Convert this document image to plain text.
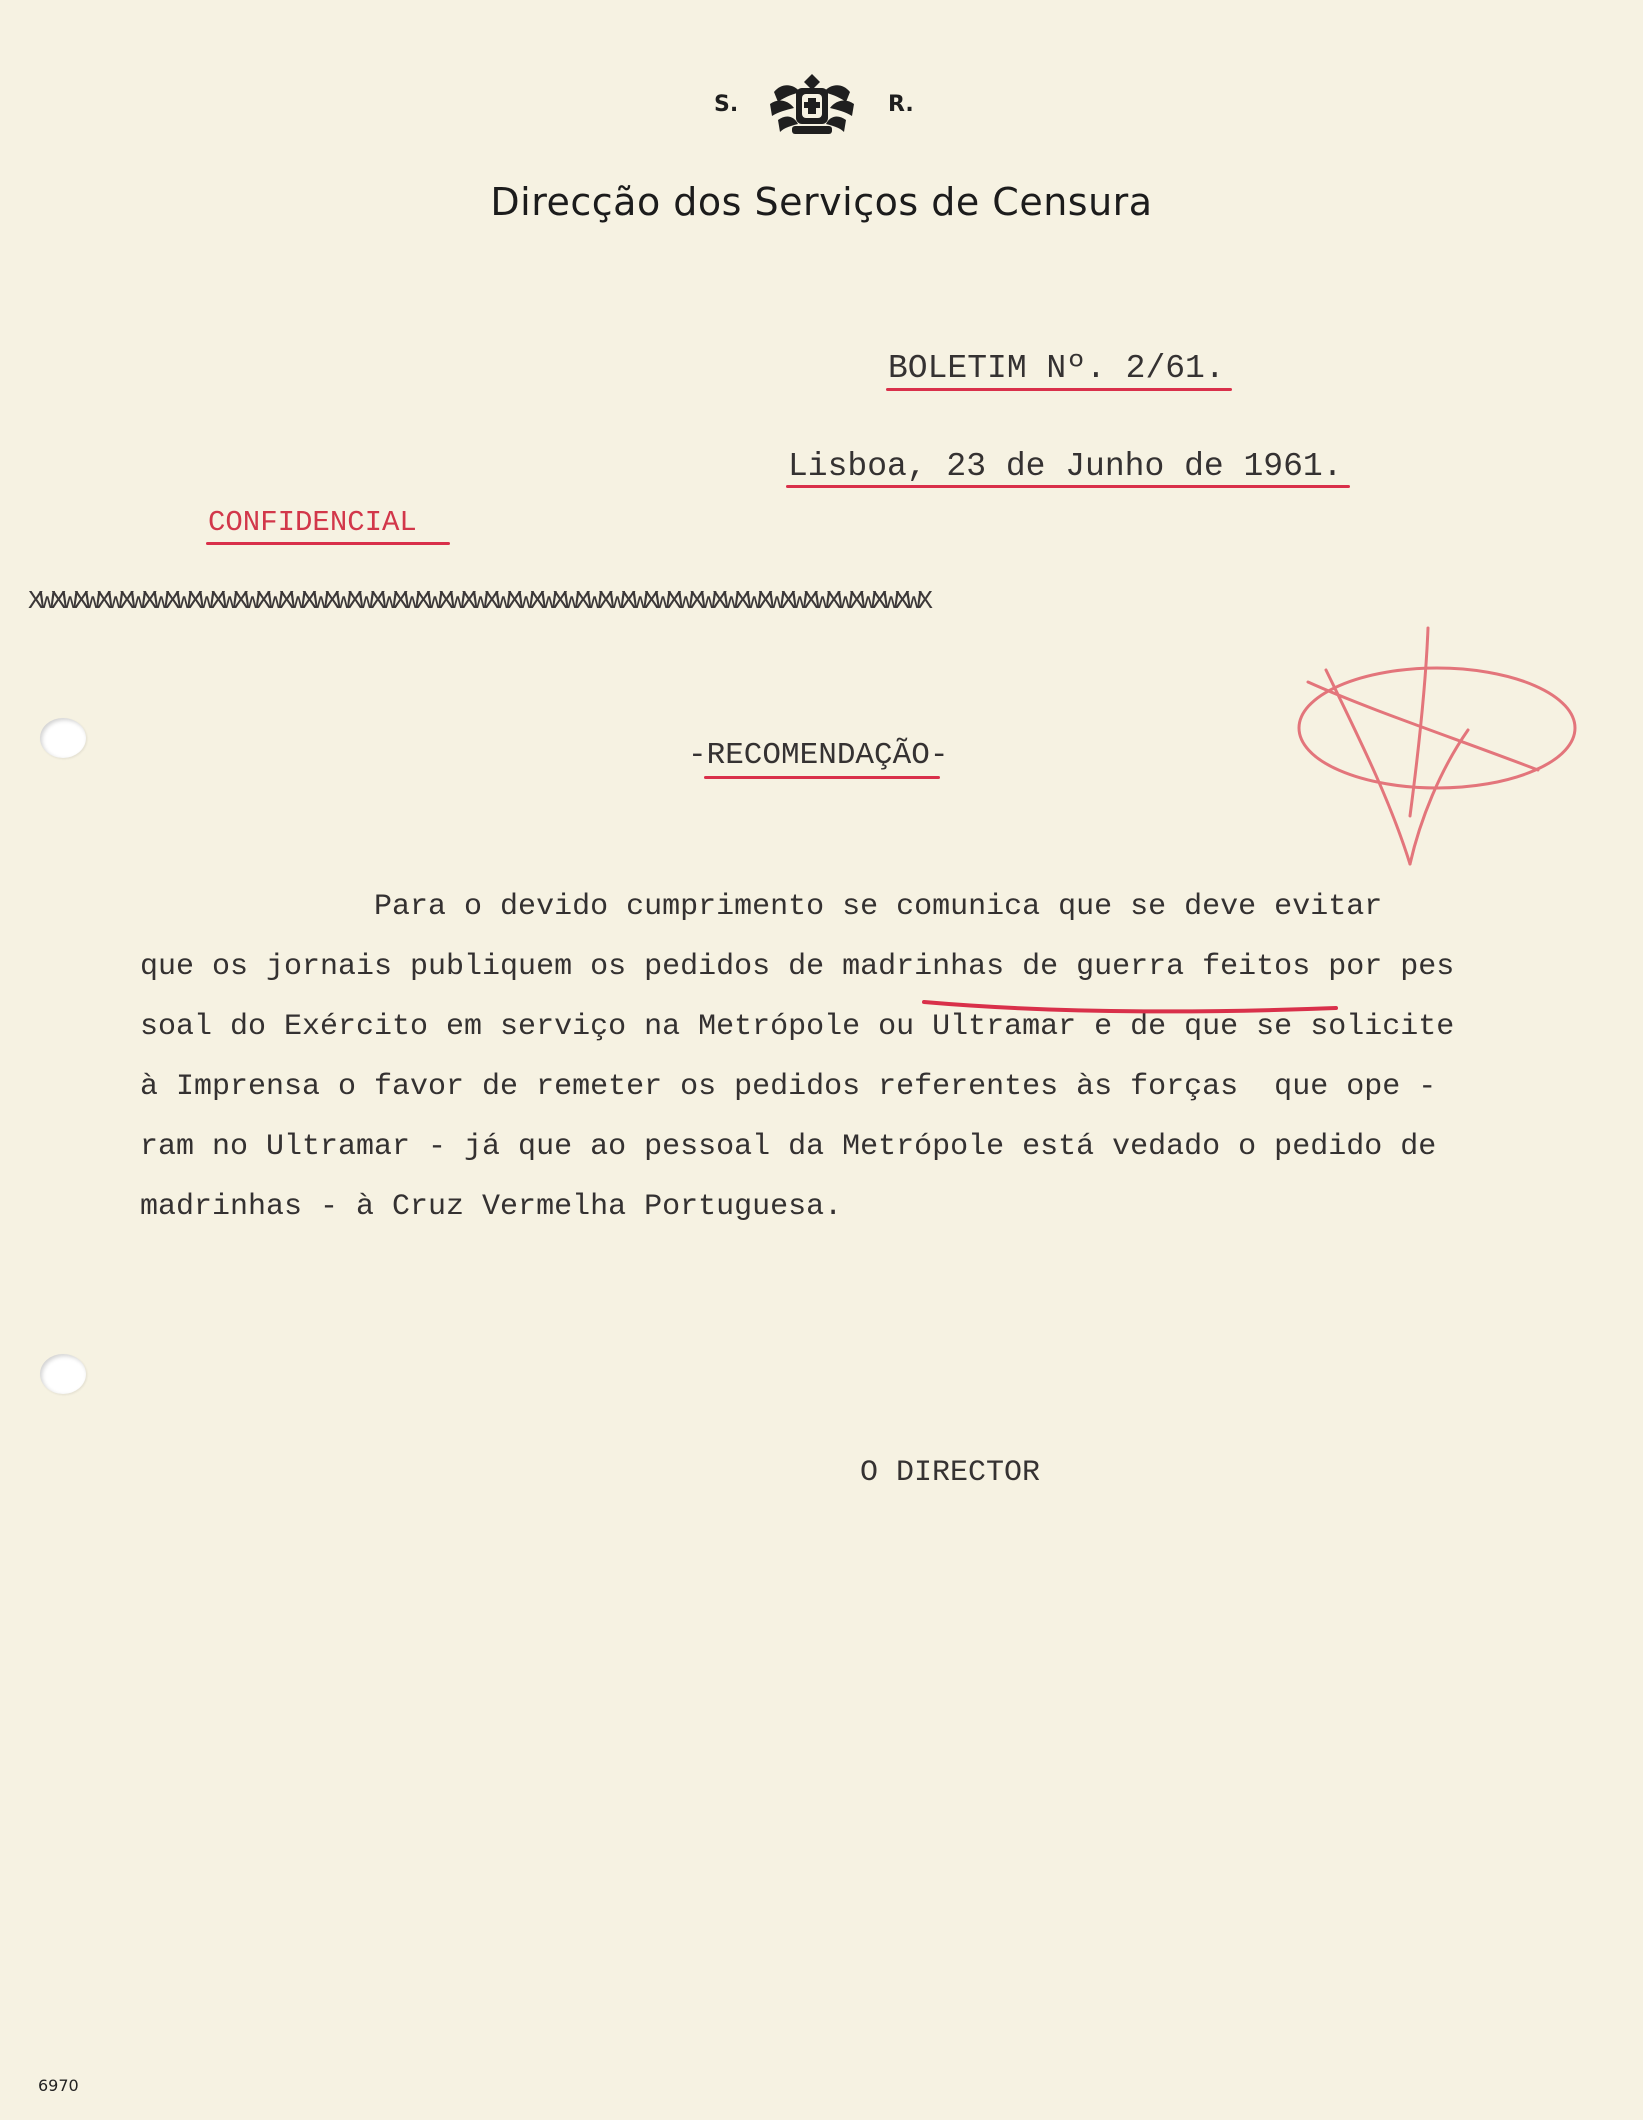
S.	R.
Direcção dos Serviços de Censura
BOLETIM Nº. 2/61.
Lisboa, 23 de Junho de 1961.
CONFIDENCIAL
XWXWXWXWXWXWXWXWXWXWXWXWXWXWXWXWXWXWXWXWXWXWXWXWXWXWXWXWXWXWXWXWXWXWXWXWXWXWXWX
-RECOMENDAÇÃO-
Para o devido cumprimento se comunica que se deve evitar
que os jornais publiquem os pedidos de madrinhas de guerra feitos por pes
soal do Exército em serviço na Metrópole ou Ultramar e de que se solicite
à Imprensa o favor de remeter os pedidos referentes às forças  que ope -
ram no Ultramar - já que ao pessoal da Metrópole está vedado o pedido de
madrinhas - à Cruz Vermelha Portuguesa.
O DIRECTOR
6970
